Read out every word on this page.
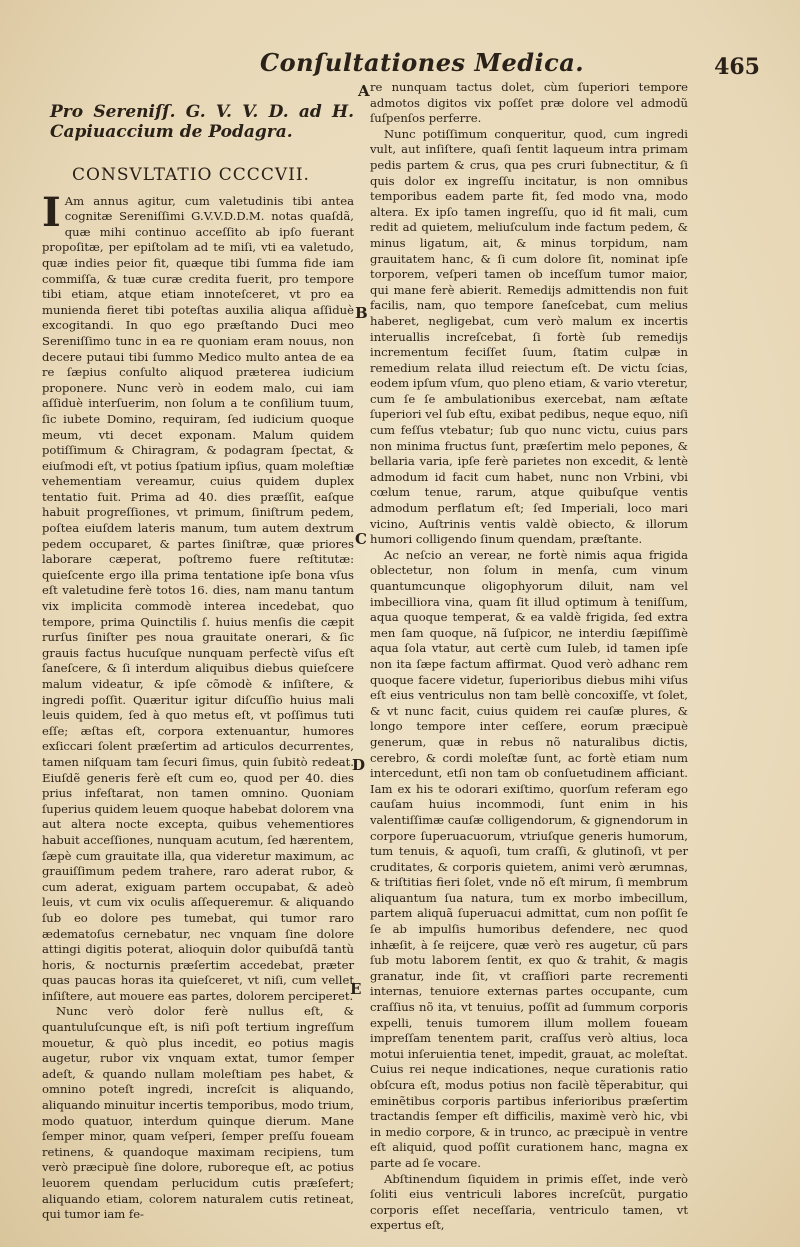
Conſultationes Medica.	465
Pro Sereniſſ. G. V. V. D. ad H. Capiuaccium de Podagra.
CONSVLTATIO CCCCVII.

I Am annus agitur, cum valetudinis tibi antea cognitæ Sereniſſimi G.V.V.D.D.M. notas quaſdã, quæ mihi continuo acceſſito ab ipſo fuerant propoſitæ, per epiſtolam ad te miſi, vti ea valetudo, quæ indies peior fit, quæque tibi ſumma fide iam commiſſa, & tuæ curæ credita fuerit, pro tempore tibi etiam, atque etiam innoteſceret, vt pro ea munienda fieret tibi poteſtas auxilia aliqua aſſiduè excogitandi. In quo ego præſtando Duci meo Sereniſſimo tunc in ea re quoniam eram nouus, non decere putaui tibi ſummo Medico multo antea de ea re ſæpius conſulto aliquod præterea iudicium proponere. Nunc verò in eodem malo, cui iam aſſiduè interſuerim, non ſolum a te conſilium tuum, ſic iubete Domino, requiram, ſed iudicium quoque meum, vti decet exponam. Malum quidem potiſſimum & Chiragram, & podagram ſpectat, & eiuſmodi eſt, vt potius ſpatium ipſius, quam moleſtiæ vehementiam vereamur, cuius quidem duplex tentatio fuit. Prima ad 40. dies præſſit, eaſque habuit progreſſiones, vt primum, ſiniſtrum pedem, poſtea eiuſdem lateris manum, tum autem dextrum pedem occuparet, & partes ſiniſtræ, quæ priores laborare cæperat, poſtremo fuere reſtitutæ: quieſcente ergo illa prima tentatione ipſe bona vſus eſt valetudine ferè totos 16. dies, nam manu tantum vix implicita commodè interea incedebat, quo tempore, prima Quinctilis ſ. huius menſis die cæpit rurſus ſiniſter pes noua grauitate onerari, & ſic grauis factus hucuſque nunquam perfectè viſus eſt ſaneſcere, & ſi interdum aliquibus diebus quieſcere malum videatur, & ipſe cõmodè & inſiſtere, & ingredi poſſit. Quæritur igitur diſcuſſio huius mali leuis quidem, ſed à quo metus eſt, vt poſſimus tuti eſſe; æſtas eſt, corpora extenuantur, humores exſiccari ſolent præſertim ad articulos decurrentes, tamen niſquam tam ſecuri ſimus, quin ſubitò redeat. Eiuſdẽ generis ferè eſt cum eo, quod per 40. dies prius infeſtarat, non tamen omnino. Quoniam ſuperius quidem leuem quoque habebat dolorem vna aut altera nocte excepta, quibus vehementiores habuit acceſſiones, nunquam acutum, ſed hærentem, ſæpè cum grauitate illa, qua videretur maximum, ac grauiſſimum pedem trahere, raro aderat rubor, & cum aderat, exiguam partem occupabat, & adeò leuis, vt cum vix oculis aſſequeremur. & aliquando ſub eo dolore pes tumebat, qui tumor raro ædematoſus cernebatur, nec vnquam ſine dolore attingi digitis poterat, alioquin dolor quibuſdã tantù horis, & nocturnis præſertim accedebat, præter quas paucas horas ita quieſceret, vt niſi, cum vellet inſiſtere, aut mouere eas partes, dolorem perciperet.

Nunc verò dolor ferè nullus eſt, & quantuluſcunque eſt, is niſi poſt tertium ingreſſum mouetur, & quò plus incedit, eo potius magis augetur, rubor vix vnquam extat, tumor ſemper adeſt, & quando nullam moleſtiam pes habet, & omnino poteſt ingredi, increſcit is aliquando, aliquando minuitur incertis temporibus, modo trium, modo quatuor, interdum quinque dierum. Mane ſemper minor, quam veſperi, ſemper preſſu foueam retinens, & quandoque maximam recipiens, tum verò præcipuè ſine dolore, ruboreque eſt, ac potius leuorem quendam perlucidum cutis præſefert; aliquando etiam, colorem naturalem cutis retineat, qui tumor iam fe-

re nunquam tactus dolet, cùm ſuperiori tempore admotos digitos vix poſſet præ dolore vel admodũ ſuſpenſos perferre.

Nunc potiſſimum conqueritur, quod, cum ingredi vult, aut inſiſtere, quaſi ſentit laqueum intra primam pedis partem & crus, qua pes cruri ſubnectitur, & ſi quis dolor ex ingreſſu incitatur, is non omnibus temporibus eadem parte fit, ſed modo vna, modo altera. Ex ipſo tamen ingreſſu, quo id fit mali, cum redit ad quietem, meliuſculum inde factum pedem, & minus ligatum, ait, & minus torpidum, nam grauitatem hanc, & ſi cum dolore ſit, nominat ipſe torporem, veſperi tamen ob inceſſum tumor maior, qui mane ferè abierit. Remedijs admittendis non fuit facilis, nam, quo tempore ſaneſcebat, cum melius haberet, negligebat, cum verò malum ex incertis interuallis increſcebat, ſi fortè ſub remedijs incrementum feciſſet ſuum, ſtatim culpæ in remedium relata illud reiectum eſt. De victu ſcias, eodem ipſum vſum, quo pleno etiam, & vario vteretur, cum ſe ſe ambulationibus exercebat, nam æſtate ſuperiori vel ſub eſtu, exibat pedibus, neque equo, niſi cum feſſus vtebatur; ſub quo nunc victu, cuius pars non minima fructus ſunt, præſertim melo pepones, & bellaria varia, ipſe ferè parietes non excedit, & lentè admodum id facit cum habet, nunc non Vrbini, vbi cœlum tenue, rarum, atque quibuſque ventis admodum perflatum eſt; ſed Imperiali, loco mari vicino, Auſtrinis ventis valdè obiecto, & illorum humori colligendo ſinum quendam, præſtante.

Ac neſcio an verear, ne fortè nimis aqua frigida oblectetur, non ſolum in menſa, cum vinum quantumcunque oligophyorum diluit, nam vel imbecilliora vina, quam ſit illud optimum à teniſſum, aqua quoque temperat, & ea valdè frigida, ſed extra men ſam quoque, nã ſuſpicor, ne interdiu ſæpiſſimè aqua ſola vtatur, aut certè cum Iuleb, id tamen ipſe non ita ſæpe factum affirmat. Quod verò adhanc rem quoque facere videtur, ſuperioribus diebus mihi viſus eſt eius ventriculus non tam bellè concoxiſſe, vt ſolet, & vt nunc facit, cuius quidem rei cauſæ plures, & longo tempore inter ceſſere, eorum præcipuè generum, quæ in rebus nõ naturalibus dictis, cerebro, & cordi moleſtæ ſunt, ac fortè etiam num intercedunt, etſi non tam ob conſuetudinem afficiant. Iam ex his te odorari exiſtimo, quorſum referam ego cauſam huius incommodi, ſunt enim in his valentiſſimæ cauſæ colligendorum, & gignendorum in corpore ſuperuacuorum, vtriuſque generis humorum, tum tenuis, & aquoſi, tum craſſi, & glutinoſi, vt per cruditates, & corporis quietem, animi verò ærumnas, & triſtitias fieri ſolet, vnde nõ eſt mirum, ſi membrum aliquantum ſua natura, tum ex morbo imbecillum, partem aliquã ſuperuacui admittat, cum non poſſit ſe ſe ab impulſis humoribus defendere, nec quod inhæſit, à ſe reijcere, quæ verò res augetur, cũ pars ſub motu laborem ſentit, ex quo & trahit, & magis granatur, inde ſit, vt craſſiori parte recrementi internas, tenuiore externas partes occupante, cum craſſius nõ ita, vt tenuius, poſſit ad ſummum corporis expelli, tenuis tumorem illum mollem foueam impreſſam tenentem parit, craſſus verò altius, loca motui inſeruientia tenet, impedit, grauat, ac moleſtat. Cuius rei neque indicationes, neque curationis ratio obſcura eſt, modus potius non facilè tẽperabitur, qui eminẽtibus corporis partibus inferioribus præſertim tractandis ſemper eſt difficilis, maximè verò hic, vbi in medio corpore, & in trunco, ac præcipuè in ventre eſt aliquid, quod poſſit curationem hanc, magna ex parte ad ſe vocare.

Abſtinendum ſiquidem in primis eſſet, inde verò ſoliti eius ventriculi labores increſcũt, purgatio corporis eſſet neceſſaria, ventriculo tamen, vt expertus eſt,

A
B
C
D
E
